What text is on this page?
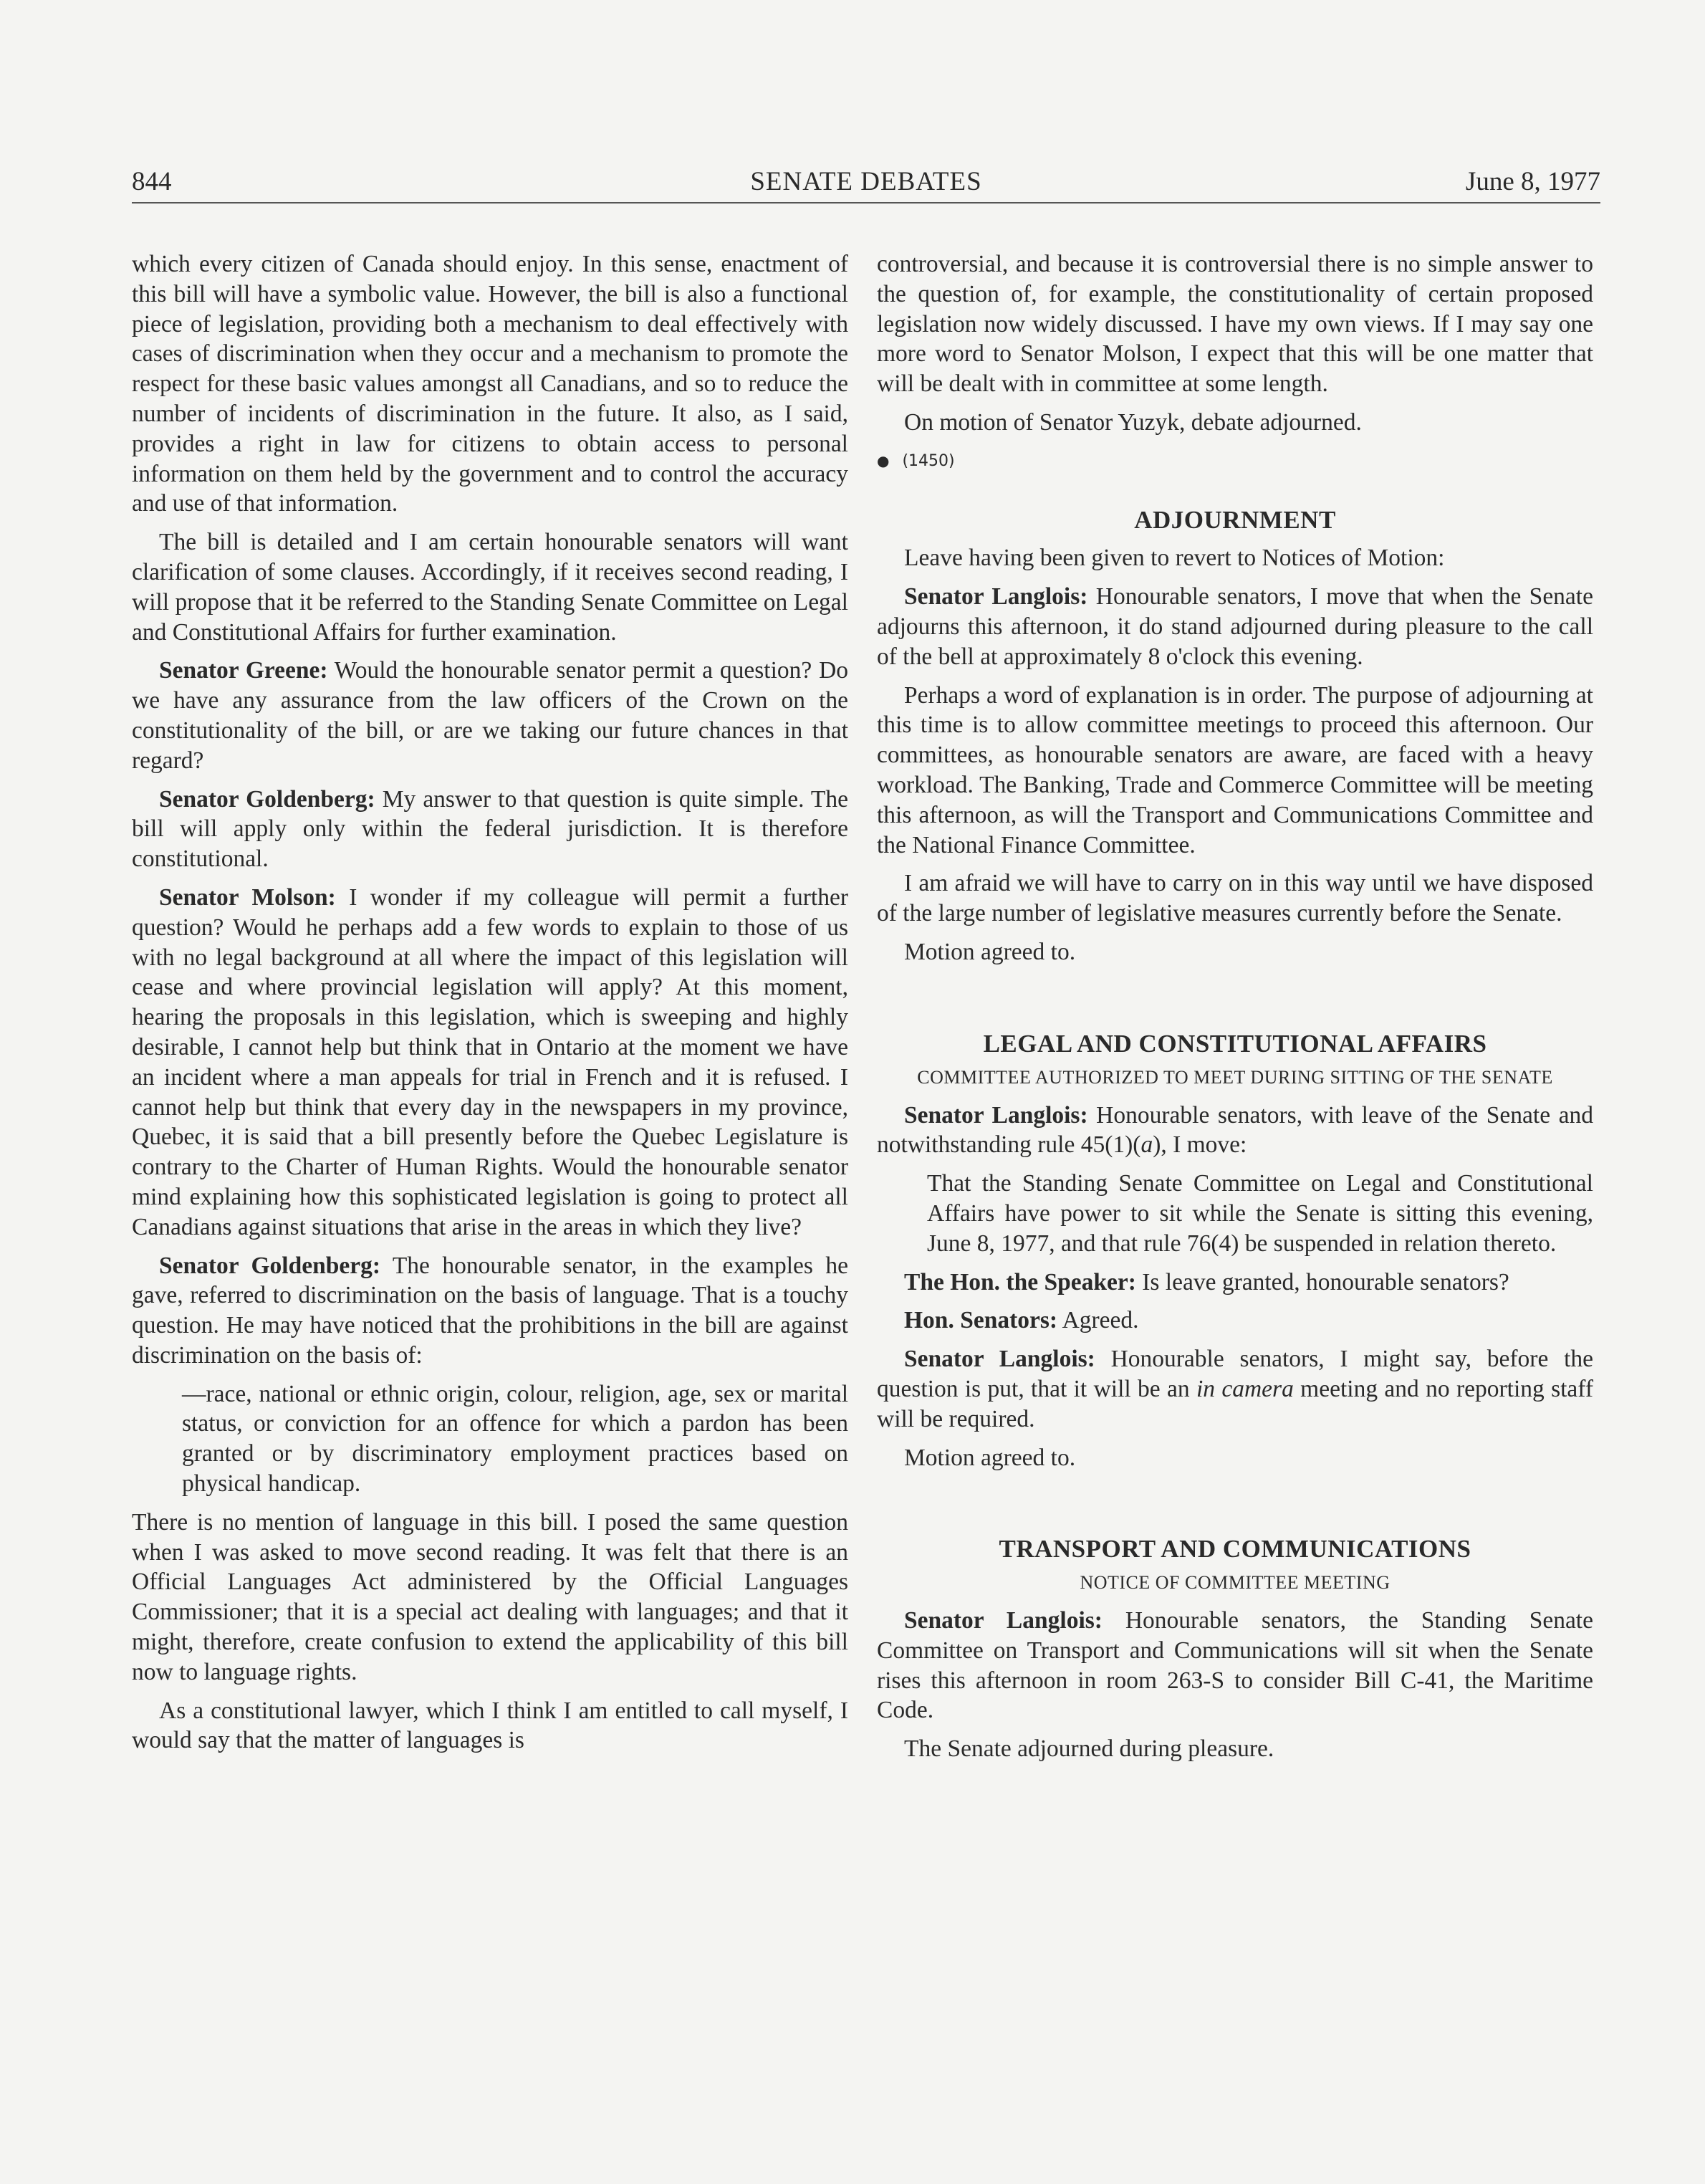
844	SENATE DEBATES	June 8, 1977

which every citizen of Canada should enjoy. In this sense, enactment of this bill will have a symbolic value. However, the bill is also a functional piece of legislation, providing both a mechanism to deal effectively with cases of discrimination when they occur and a mechanism to promote the respect for these basic values amongst all Canadians, and so to reduce the number of incidents of discrimination in the future. It also, as I said, provides a right in law for citizens to obtain access to personal information on them held by the government and to control the accuracy and use of that information.

The bill is detailed and I am certain honourable senators will want clarification of some clauses. Accordingly, if it receives second reading, I will propose that it be referred to the Standing Senate Committee on Legal and Constitutional Affairs for further examination.

Senator Greene: Would the honourable senator permit a question? Do we have any assurance from the law officers of the Crown on the constitutionality of the bill, or are we taking our future chances in that regard?

Senator Goldenberg: My answer to that question is quite simple. The bill will apply only within the federal jurisdiction. It is therefore constitutional.

Senator Molson: I wonder if my colleague will permit a further question? Would he perhaps add a few words to explain to those of us with no legal background at all where the impact of this legislation will cease and where provincial legislation will apply? At this moment, hearing the proposals in this legislation, which is sweeping and highly desirable, I cannot help but think that in Ontario at the moment we have an incident where a man appeals for trial in French and it is refused. I cannot help but think that every day in the newspapers in my province, Quebec, it is said that a bill presently before the Quebec Legislature is contrary to the Charter of Human Rights. Would the honourable senator mind explaining how this sophisticated legislation is going to protect all Canadians against situations that arise in the areas in which they live?

Senator Goldenberg: The honourable senator, in the examples he gave, referred to discrimination on the basis of language. That is a touchy question. He may have noticed that the prohibitions in the bill are against discrimination on the basis of:

—race, national or ethnic origin, colour, religion, age, sex or marital status, or conviction for an offence for which a pardon has been granted or by discriminatory employment practices based on physical handicap.

There is no mention of language in this bill. I posed the same question when I was asked to move second reading. It was felt that there is an Official Languages Act administered by the Official Languages Commissioner; that it is a special act dealing with languages; and that it might, therefore, create confusion to extend the applicability of this bill now to language rights.

As a constitutional lawyer, which I think I am entitled to call myself, I would say that the matter of languages is

controversial, and because it is controversial there is no simple answer to the question of, for example, the constitutionality of certain proposed legislation now widely discussed. I have my own views. If I may say one more word to Senator Molson, I expect that this will be one matter that will be dealt with in committee at some length.

On motion of Senator Yuzyk, debate adjourned.

● (1450)
ADJOURNMENT

Leave having been given to revert to Notices of Motion:

Senator Langlois: Honourable senators, I move that when the Senate adjourns this afternoon, it do stand adjourned during pleasure to the call of the bell at approximately 8 o'clock this evening.

Perhaps a word of explanation is in order. The purpose of adjourning at this time is to allow committee meetings to proceed this afternoon. Our committees, as honourable senators are aware, are faced with a heavy workload. The Banking, Trade and Commerce Committee will be meeting this afternoon, as will the Transport and Communications Committee and the National Finance Committee.

I am afraid we will have to carry on in this way until we have disposed of the large number of legislative measures currently before the Senate.

Motion agreed to.

LEGAL AND CONSTITUTIONAL AFFAIRS
COMMITTEE AUTHORIZED TO MEET DURING SITTING OF THE SENATE

Senator Langlois: Honourable senators, with leave of the Senate and notwithstanding rule 45(1)(a), I move:

That the Standing Senate Committee on Legal and Constitutional Affairs have power to sit while the Senate is sitting this evening, June 8, 1977, and that rule 76(4) be suspended in relation thereto.

The Hon. the Speaker: Is leave granted, honourable senators?

Hon. Senators: Agreed.

Senator Langlois: Honourable senators, I might say, before the question is put, that it will be an in camera meeting and no reporting staff will be required.

Motion agreed to.

TRANSPORT AND COMMUNICATIONS
NOTICE OF COMMITTEE MEETING

Senator Langlois: Honourable senators, the Standing Senate Committee on Transport and Communications will sit when the Senate rises this afternoon in room 263-S to consider Bill C-41, the Maritime Code.

The Senate adjourned during pleasure.
